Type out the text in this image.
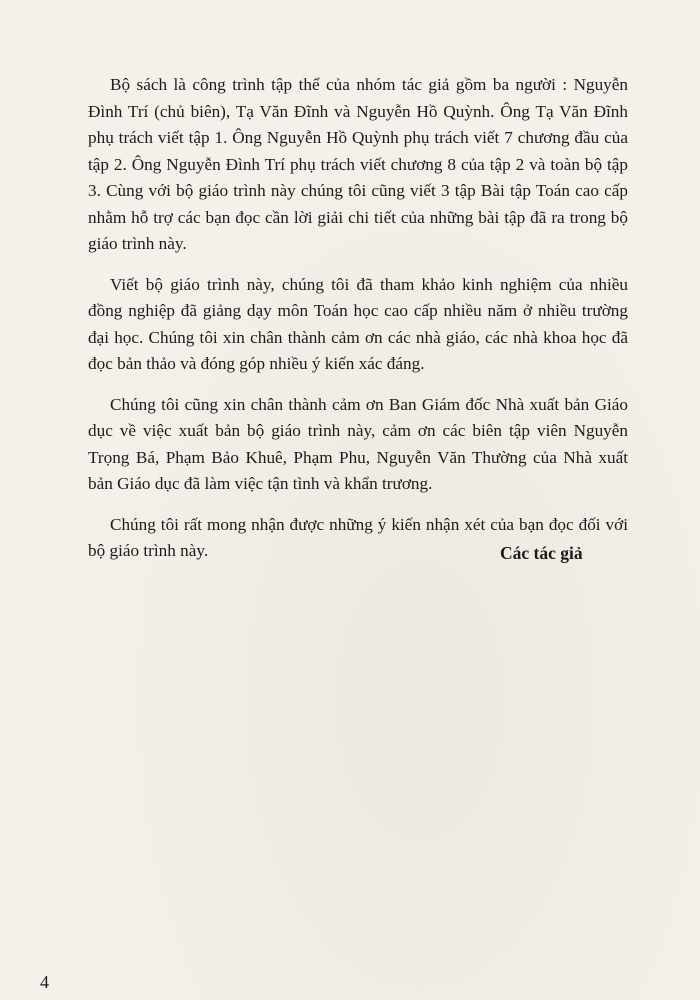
Bộ sách là công trình tập thể của nhóm tác giả gồm ba người : Nguyễn Đình Trí (chủ biên), Tạ Văn Đĩnh và Nguyễn Hồ Quỳnh. Ông Tạ Văn Đĩnh phụ trách viết tập 1. Ông Nguyễn Hồ Quỳnh phụ trách viết 7 chương đầu của tập 2. Ông Nguyễn Đình Trí phụ trách viết chương 8 của tập 2 và toàn bộ tập 3. Cùng với bộ giáo trình này chúng tôi cũng viết 3 tập Bài tập Toán cao cấp nhằm hỗ trợ các bạn đọc cần lời giải chi tiết của những bài tập đã ra trong bộ giáo trình này.

Viết bộ giáo trình này, chúng tôi đã tham khảo kinh nghiệm của nhiều đồng nghiệp đã giảng dạy môn Toán học cao cấp nhiều năm ở nhiều trường đại học. Chúng tôi xin chân thành cảm ơn các nhà giáo, các nhà khoa học đã đọc bản thảo và đóng góp nhiều ý kiến xác đáng.

Chúng tôi cũng xin chân thành cảm ơn Ban Giám đốc Nhà xuất bản Giáo dục về việc xuất bản bộ giáo trình này, cảm ơn các biên tập viên Nguyễn Trọng Bá, Phạm Bảo Khuê, Phạm Phu, Nguyễn Văn Thường của Nhà xuất bản Giáo dục đã làm việc tận tình và khẩn trương.

Chúng tôi rất mong nhận được những ý kiến nhận xét của bạn đọc đối với bộ giáo trình này.	Các tác giả

4
